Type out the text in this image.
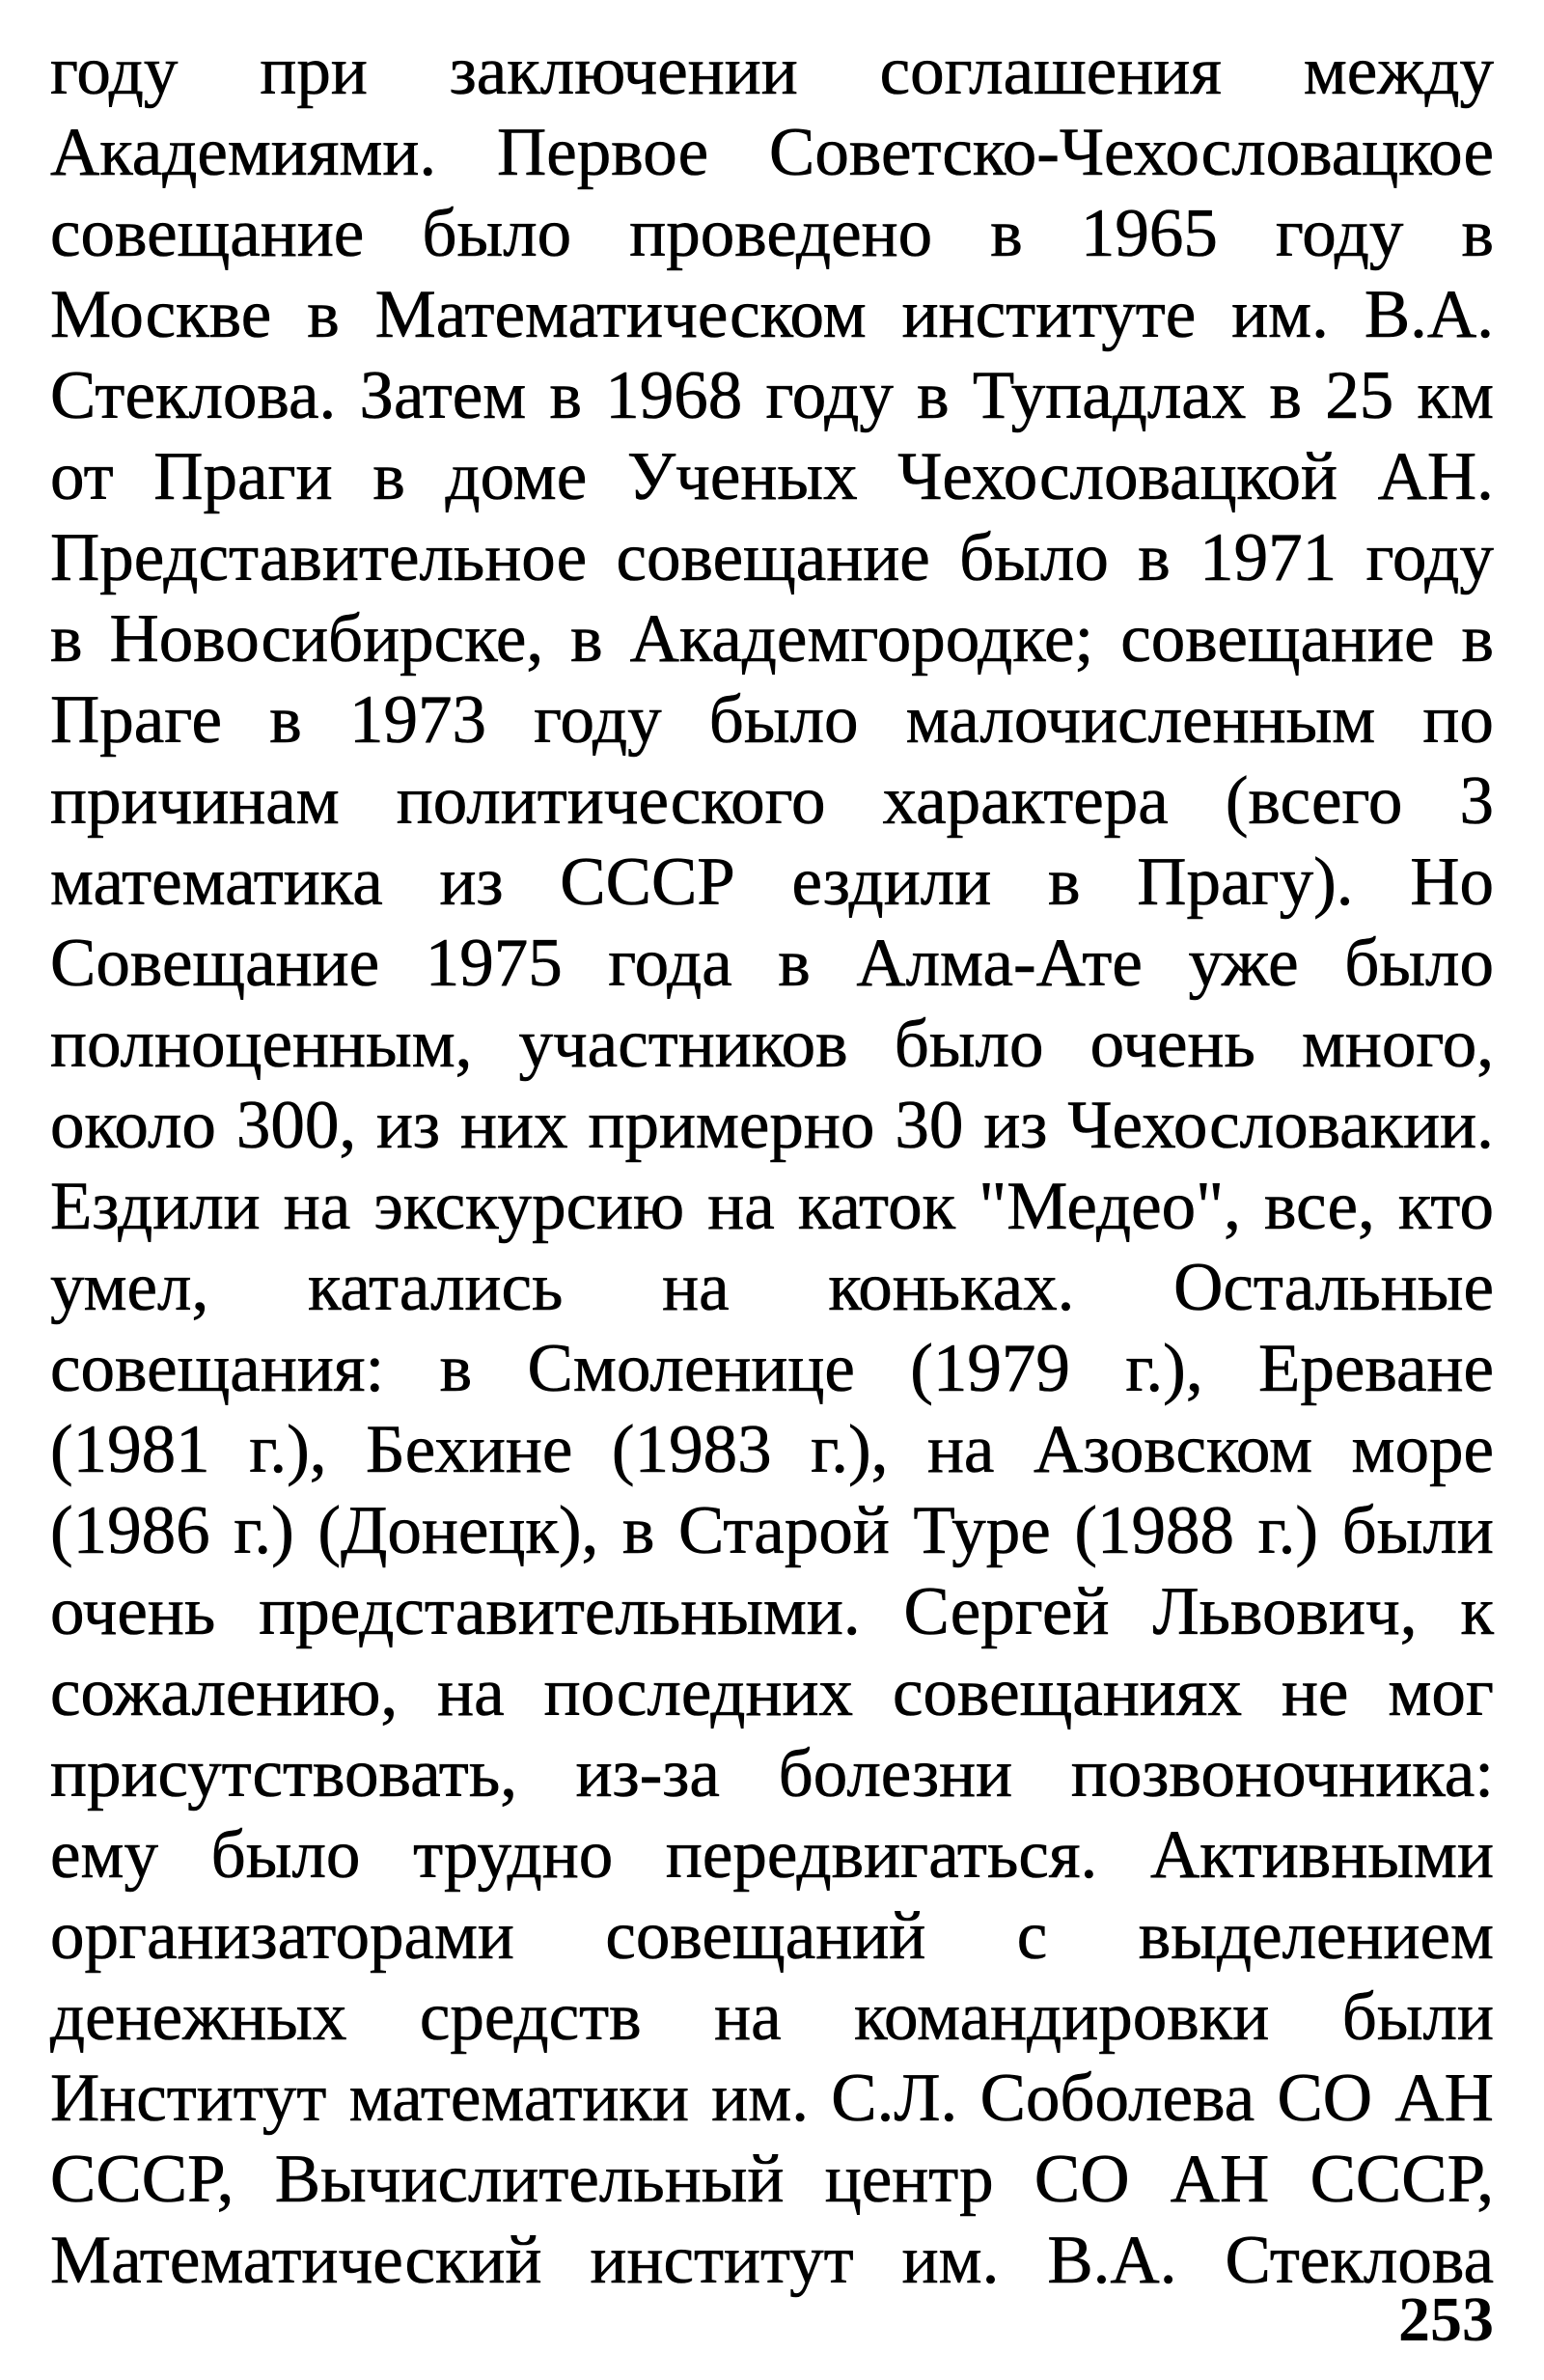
году при заключении соглашения между
Академиями. Первое Советско-Чехословацкое
совещание было проведено в 1965 году в
Москве в Математическом институте им. В.А.
Стеклова. Затем в 1968 году в Тупадлах в 25 км
от Праги в доме Ученых Чехословацкой АН.
Представительное совещание было в 1971 году
в Новосибирске, в Академгородке; совещание в
Праге в 1973 году было малочисленным по
причинам политического характера (всего 3
математика из СССР ездили в Прагу). Но
Совещание 1975 года в Алма-Ате уже было
полноценным, участников было очень много,
около 300, из них примерно 30 из Чехословакии.
Ездили на экскурсию на каток "Медео", все, кто
умел, катались на коньках. Остальные
совещания: в Смоленице (1979 г.), Ереване
(1981 г.), Бехине (1983 г.), на Азовском море
(1986 г.) (Донецк), в Старой Туре (1988 г.) были
очень представительными. Сергей Львович, к
сожалению, на последних совещаниях не мог
присутствовать, из-за болезни позвоночника:
ему было трудно передвигаться. Активными
организаторами совещаний с выделением
денежных средств на командировки были
Институт математики им. С.Л. Соболева СО АН
СССР, Вычислительный центр СО АН СССР,
Математический институт им. В.А. Стеклова
253
